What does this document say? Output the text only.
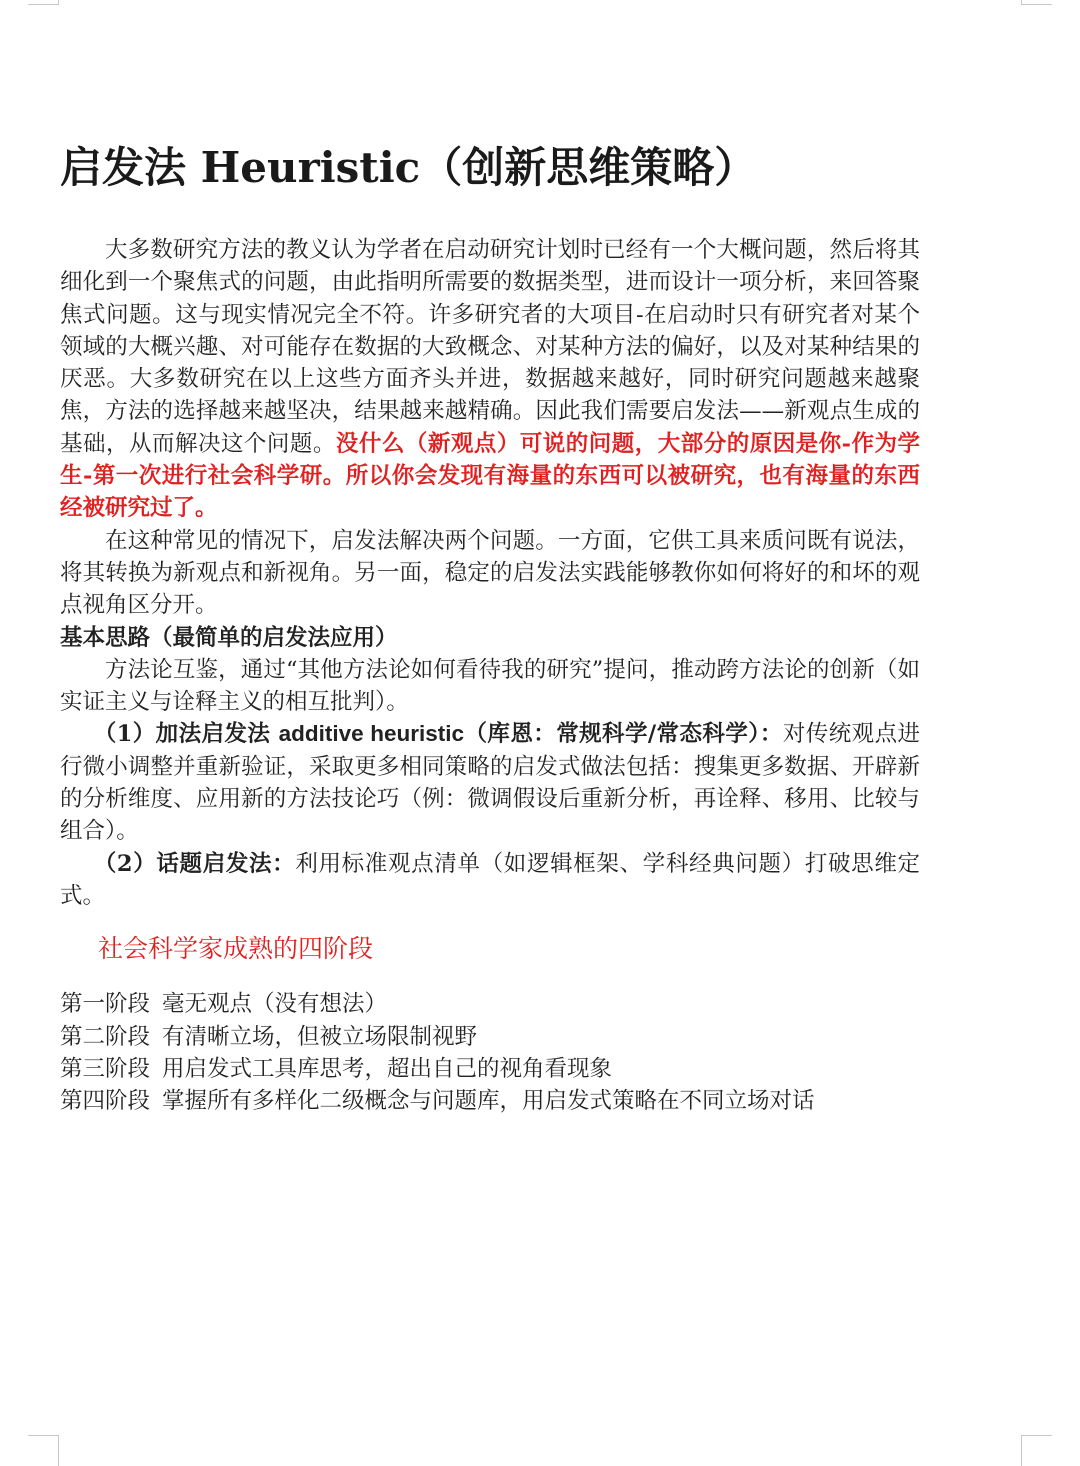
启发法 Heuristic（创新思维策略）

大多数研究方法的教义认为学者在启动研究计划时已经有一个大概问题，然后将其细化到一个聚焦式的问题，由此指明所需要的数据类型，进而设计一项分析，来回答聚焦式问题。这与现实情况完全不符。许多研究者的大项目-在启动时只有研究者对某个领域的大概兴趣、对可能存在数据的大致概念、对某种方法的偏好，以及对某种结果的厌恶。大多数研究在以上这些方面齐头并进，数据越来越好，同时研究问题越来越聚焦，方法的选择越来越坚决，结果越来越精确。因此我们需要启发法——新观点生成的基础，从而解决这个问题。没什么（新观点）可说的问题，大部分的原因是你-作为学生-第一次进行社会科学研。所以你会发现有海量的东西可以被研究，也有海量的东西经被研究过了。

在这种常见的情况下，启发法解决两个问题。一方面，它供工具来质问既有说法，将其转换为新观点和新视角。另一面，稳定的启发法实践能够教你如何将好的和坏的观点视角区分开。

基本思路（最简单的启发法应用）

方法论互鉴，通过“其他方法论如何看待我的研究”提问，推动跨方法论的创新（如实证主义与诠释主义的相互批判）。

（1）加法启发法 additive heuristic（库恩：常规科学/常态科学）：对传统观点进行微小调整并重新验证，采取更多相同策略的启发式做法包括：搜集更多数据、开辟新的分析维度、应用新的方法技论巧（例：微调假设后重新分析，再诠释、移用、比较与组合）。

（2）话题启发法：利用标准观点清单（如逻辑框架、学科经典问题）打破思维定式。

社会科学家成熟的四阶段
第一阶段 毫无观点（没有想法）
第二阶段 有清晰立场，但被立场限制视野
第三阶段 用启发式工具库思考，超出自己的视角看现象
第四阶段 掌握所有多样化二级概念与问题库，用启发式策略在不同立场对话
